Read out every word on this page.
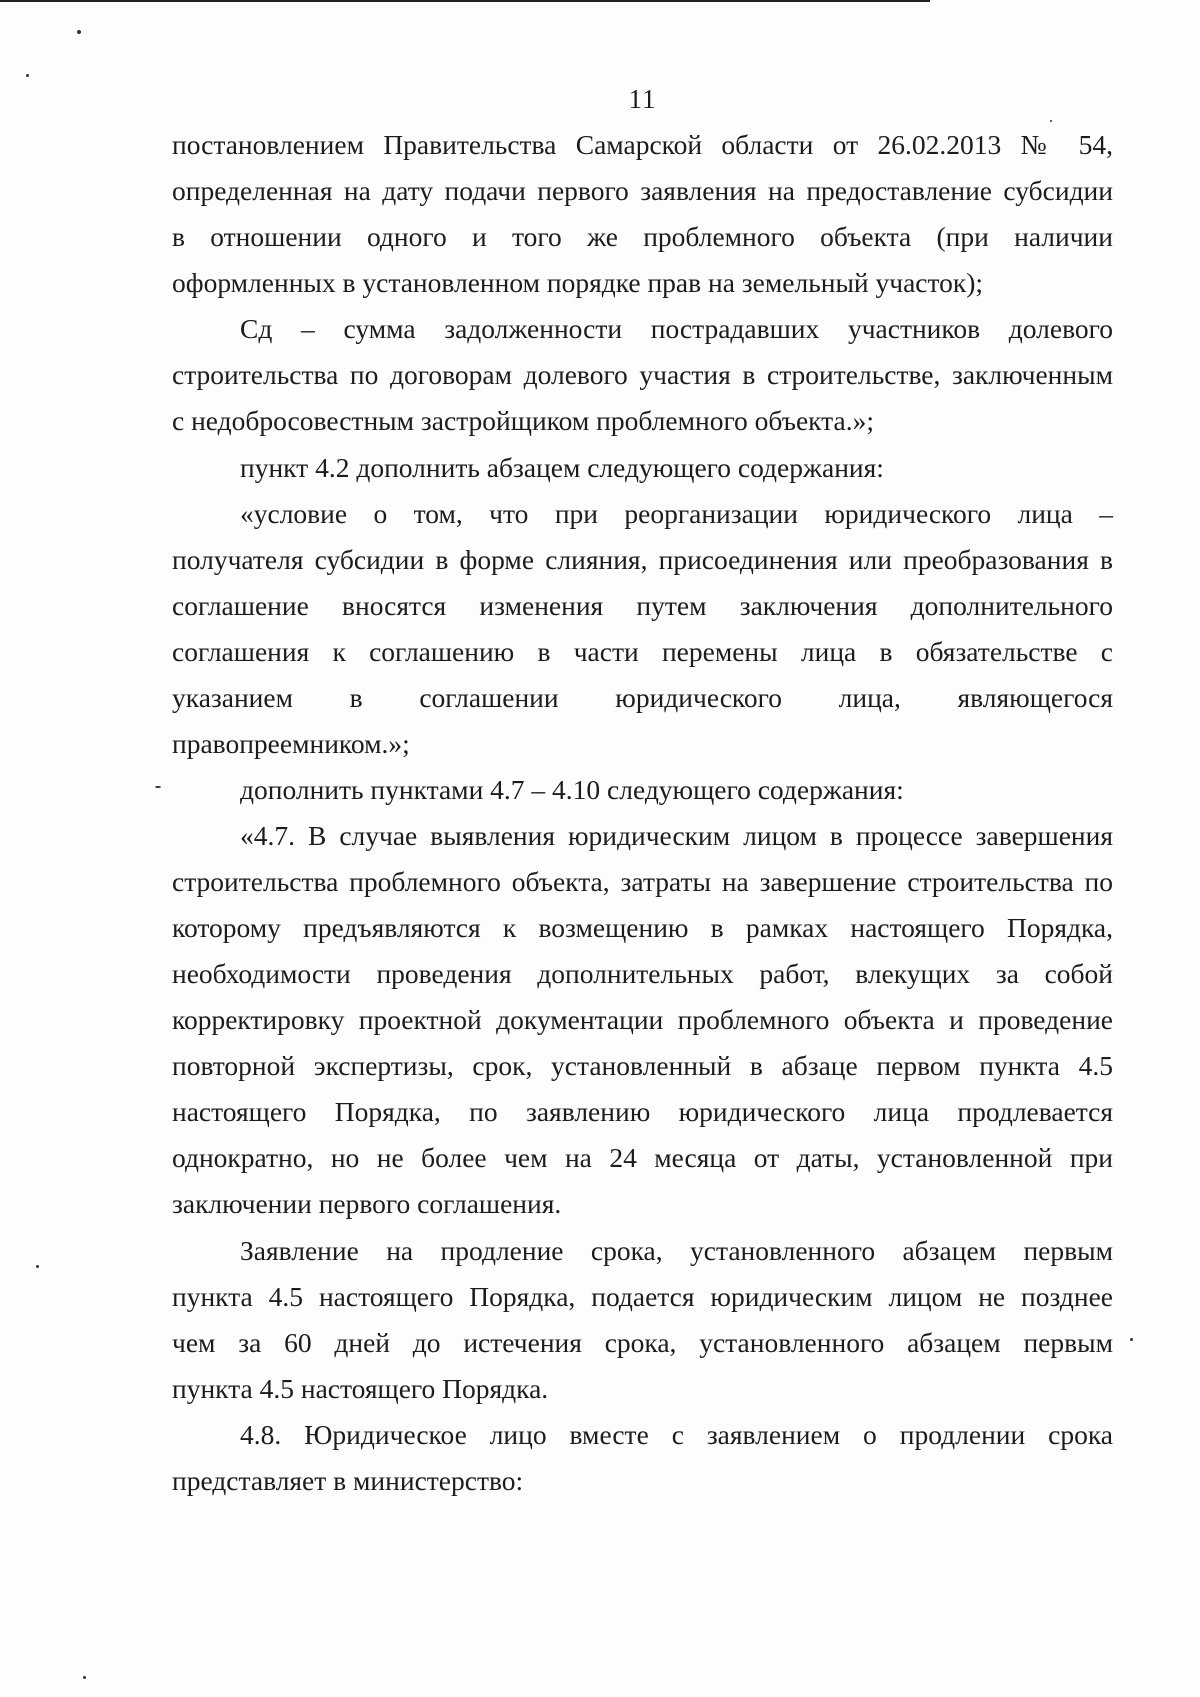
11
постановлением Правительства Самарской области от 26.02.2013 № 54,
определенная на дату подачи первого заявления на предоставление субсидии
в отношении одного и того же проблемного объекта (при наличии
оформленных в установленном порядке прав на земельный участок);
Сд – сумма задолженности пострадавших участников долевого
строительства по договорам долевого участия в строительстве, заключенным
с недобросовестным застройщиком проблемного объекта.»;
пункт 4.2 дополнить абзацем следующего содержания:
«условие о том, что при реорганизации юридического лица –
получателя субсидии в форме слияния, присоединения или преобразования в
соглашение вносятся изменения путем заключения дополнительного
соглашения к соглашению в части перемены лица в обязательстве с
указанием в соглашении юридического лица, являющегося
правопреемником.»;
дополнить пунктами 4.7 – 4.10 следующего содержания:
«4.7. В случае выявления юридическим лицом в процессе завершения
строительства проблемного объекта, затраты на завершение строительства по
которому предъявляются к возмещению в рамках настоящего Порядка,
необходимости проведения дополнительных работ, влекущих за собой
корректировку проектной документации проблемного объекта и проведение
повторной экспертизы, срок, установленный в абзаце первом пункта 4.5
настоящего Порядка, по заявлению юридического лица продлевается
однократно, но не более чем на 24 месяца от даты, установленной при
заключении первого соглашения.
Заявление на продление срока, установленного абзацем первым
пункта 4.5 настоящего Порядка, подается юридическим лицом не позднее
чем за 60 дней до истечения срока, установленного абзацем первым
пункта 4.5 настоящего Порядка.
4.8. Юридическое лицо вместе с заявлением о продлении срока
представляет в министерство:
